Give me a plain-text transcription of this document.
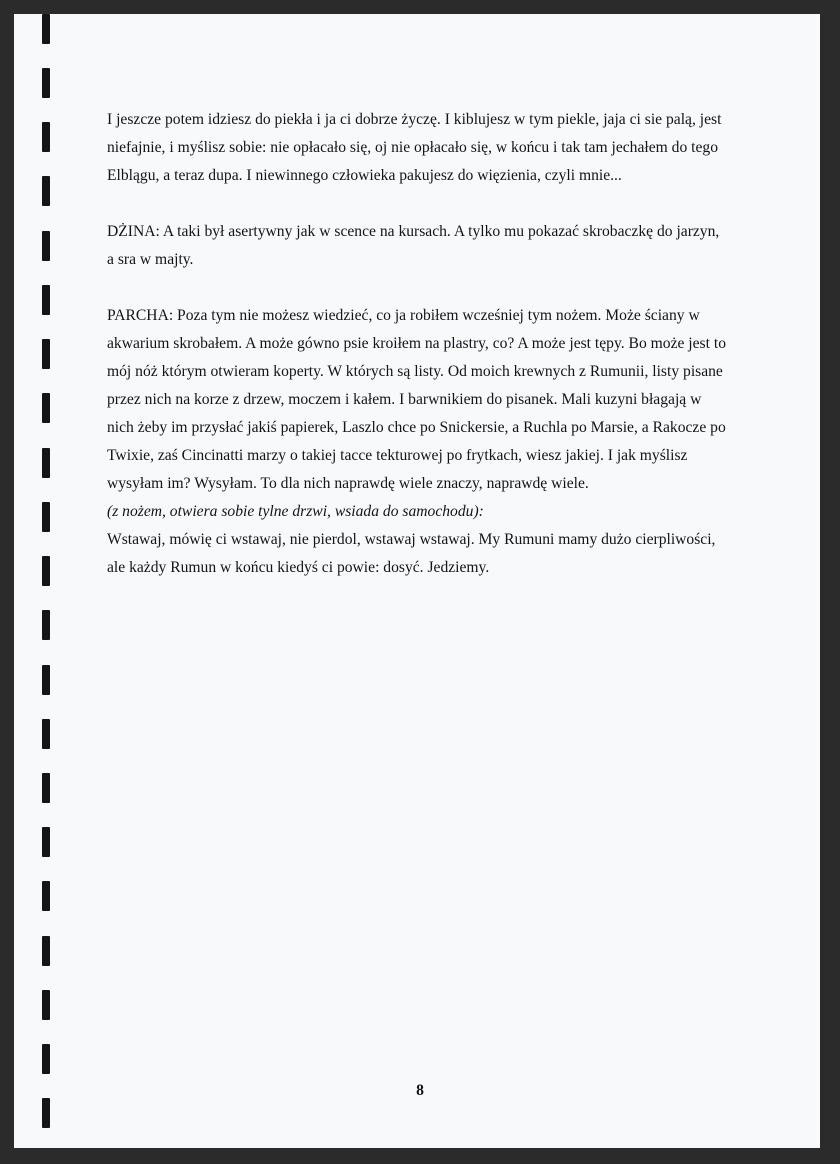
I jeszcze potem idziesz do piekła i ja ci dobrze życzę. I kiblujesz w tym piekle, jaja ci sie palą, jest niefajnie, i myślisz sobie: nie opłacało się, oj nie opłacało się, w końcu i tak tam jechałem do tego Elblągu, a teraz dupa. I niewinnego człowieka pakujesz do więzienia, czyli mnie...

DŻINA: A taki był asertywny jak w scence na kursach. A tylko mu pokazać skrobaczkę do jarzyn, a sra w majty.

PARCHA: Poza tym nie możesz wiedzieć, co ja robiłem wcześniej tym nożem. Może ściany w akwarium skrobałem. A może gówno psie kroiłem na plastry, co? A może jest tępy. Bo może jest to mój nóż którym otwieram koperty. W których są listy. Od moich krewnych z Rumunii, listy pisane przez nich na korze z drzew, moczem i kałem. I barwnikiem do pisanek. Mali kuzyni błagają w nich żeby im przysłać jakiś papierek, Laszlo chce po Snickersie, a Ruchla po Marsie, a Rakocze po Twixie, zaś Cincinatti marzy o takiej tacce tekturowej po frytkach, wiesz jakiej. I jak myślisz wysyłam im? Wysyłam. To dla nich naprawdę wiele znaczy, naprawdę wiele.

(z nożem, otwiera sobie tylne drzwi, wsiada do samochodu):

Wstawaj, mówię ci wstawaj, nie pierdol, wstawaj wstawaj. My Rumuni mamy dużo cierpliwości, ale każdy Rumun w końcu kiedyś ci powie: dosyć. Jedziemy.

8
